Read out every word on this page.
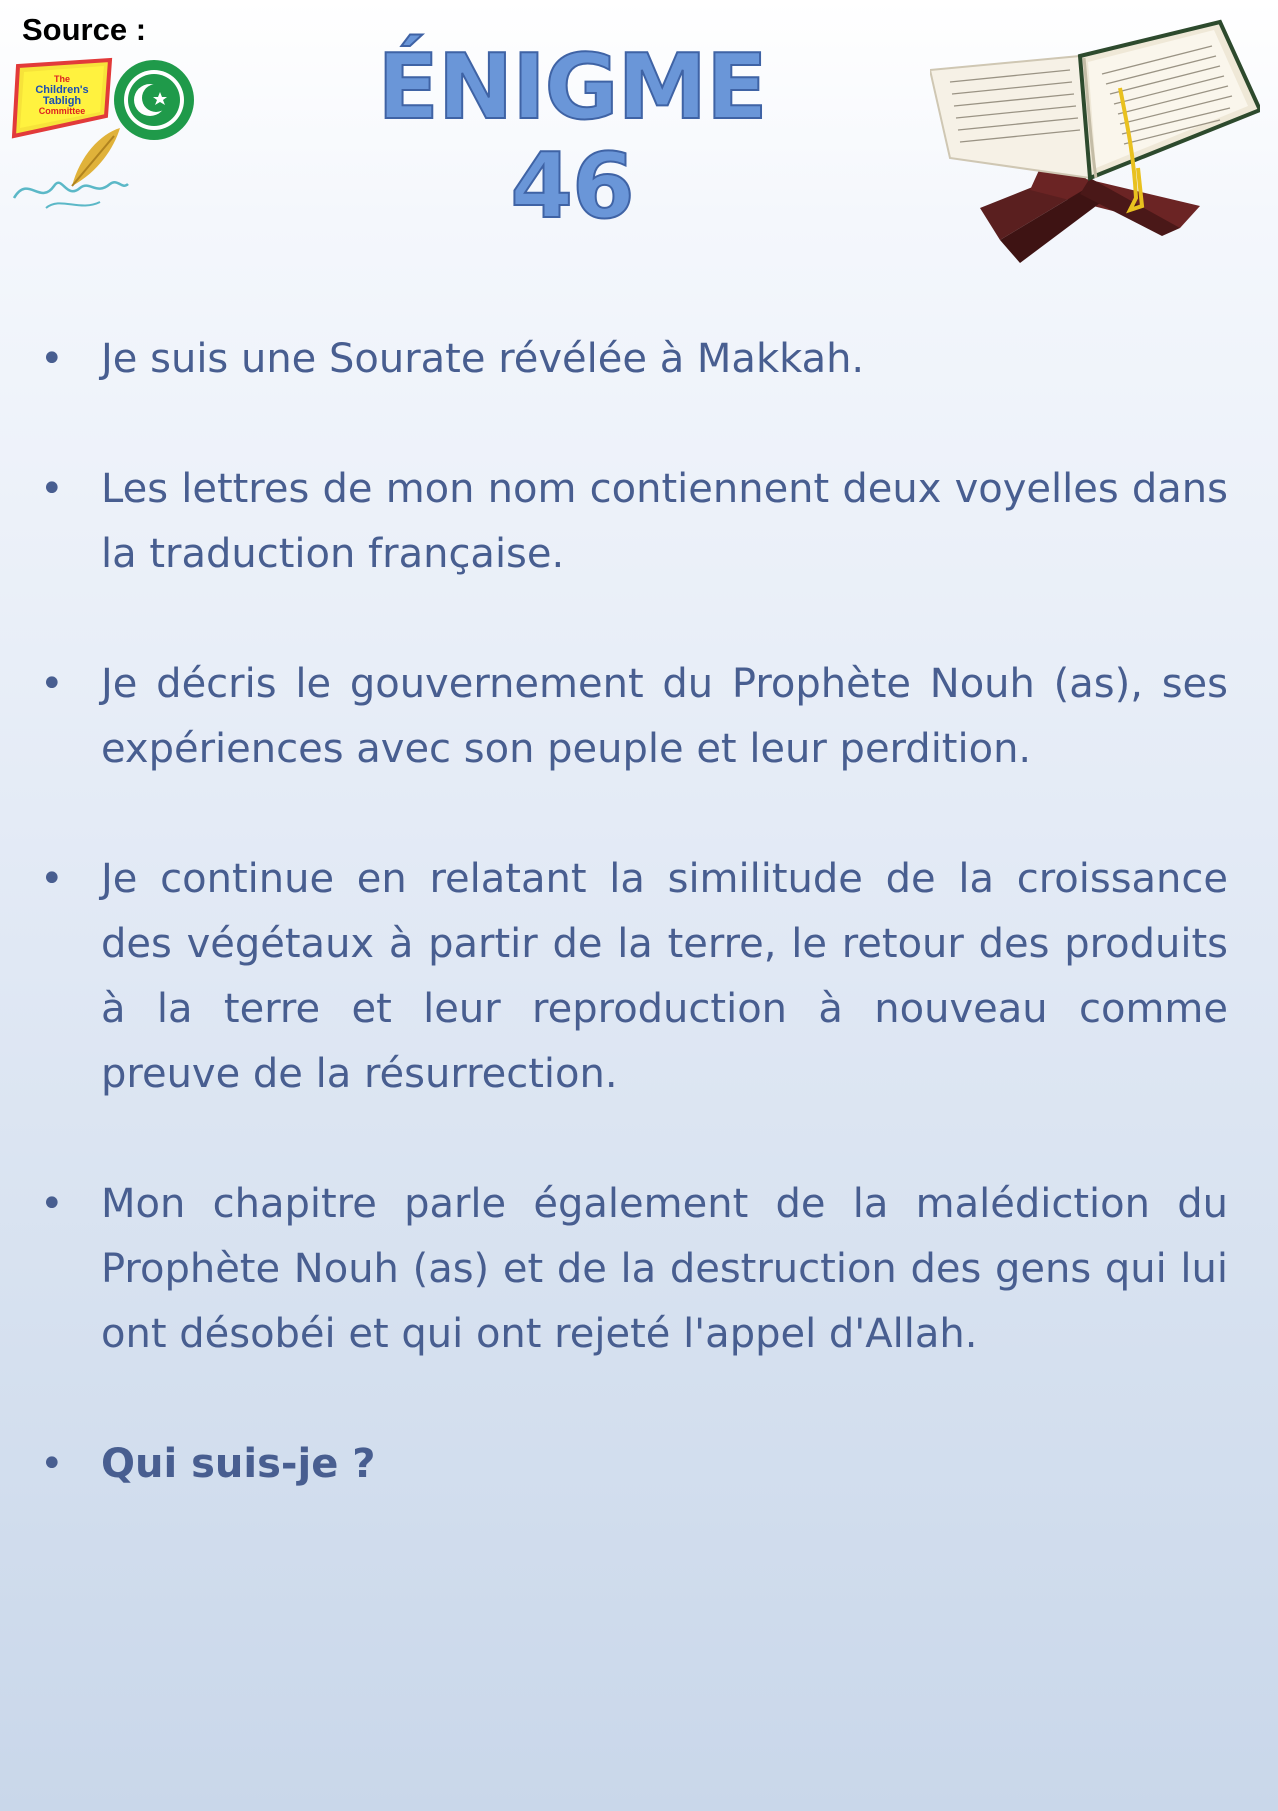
Source :
The
Children's
Tabligh
Committee	ÉNIGME 46
• Je suis une Sourate révélée à Makkah.
• Les lettres de mon nom contiennent deux voyelles dans la traduction française.
• Je décris le gouvernement du Prophète Nouh (as), ses expériences avec son peuple et leur perdition.
• Je continue en relatant la similitude de la croissance des végétaux à partir de la terre, le retour des produits à la terre et leur reproduction à nouveau comme preuve de la résurrection.
• Mon chapitre parle également de la malédiction du Prophète Nouh (as) et de la destruction des gens qui lui ont désobéi et qui ont rejeté l'appel d'Allah.
• Qui suis-je ?
